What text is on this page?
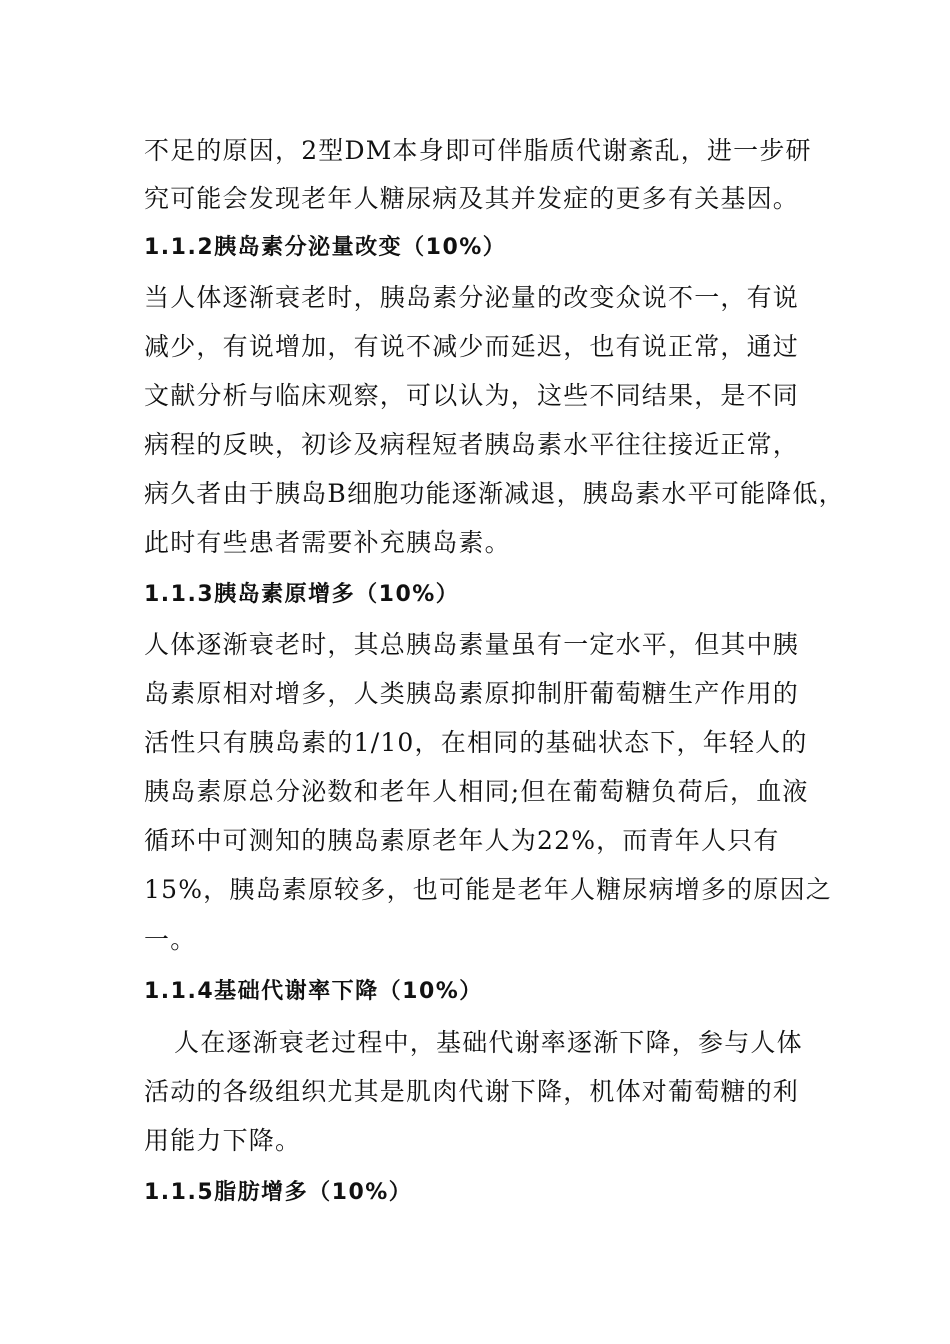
不足的原因，2型DM本身即可伴脂质代谢紊乱，进一步研
究可能会发现老年人糖尿病及其并发症的更多有关基因。
1.1.2胰岛素分泌量改变（10%）
当人体逐渐衰老时，胰岛素分泌量的改变众说不一，有说
减少，有说增加，有说不减少而延迟，也有说正常，通过
文献分析与临床观察，可以认为，这些不同结果，是不同
病程的反映，初诊及病程短者胰岛素水平往往接近正常，
病久者由于胰岛B细胞功能逐渐减退，胰岛素水平可能降低，
此时有些患者需要补充胰岛素。
1.1.3胰岛素原增多（10%）
人体逐渐衰老时，其总胰岛素量虽有一定水平，但其中胰
岛素原相对增多，人类胰岛素原抑制肝葡萄糖生产作用的
活性只有胰岛素的1/10，在相同的基础状态下，年轻人的
胰岛素原总分泌数和老年人相同;但在葡萄糖负荷后，血液
循环中可测知的胰岛素原老年人为22%，而青年人只有
15%，胰岛素原较多，也可能是老年人糖尿病增多的原因之
一。
1.1.4基础代谢率下降（10%）
人在逐渐衰老过程中，基础代谢率逐渐下降，参与人体
活动的各级组织尤其是肌肉代谢下降，机体对葡萄糖的利
用能力下降。
1.1.5脂肪增多（10%）
